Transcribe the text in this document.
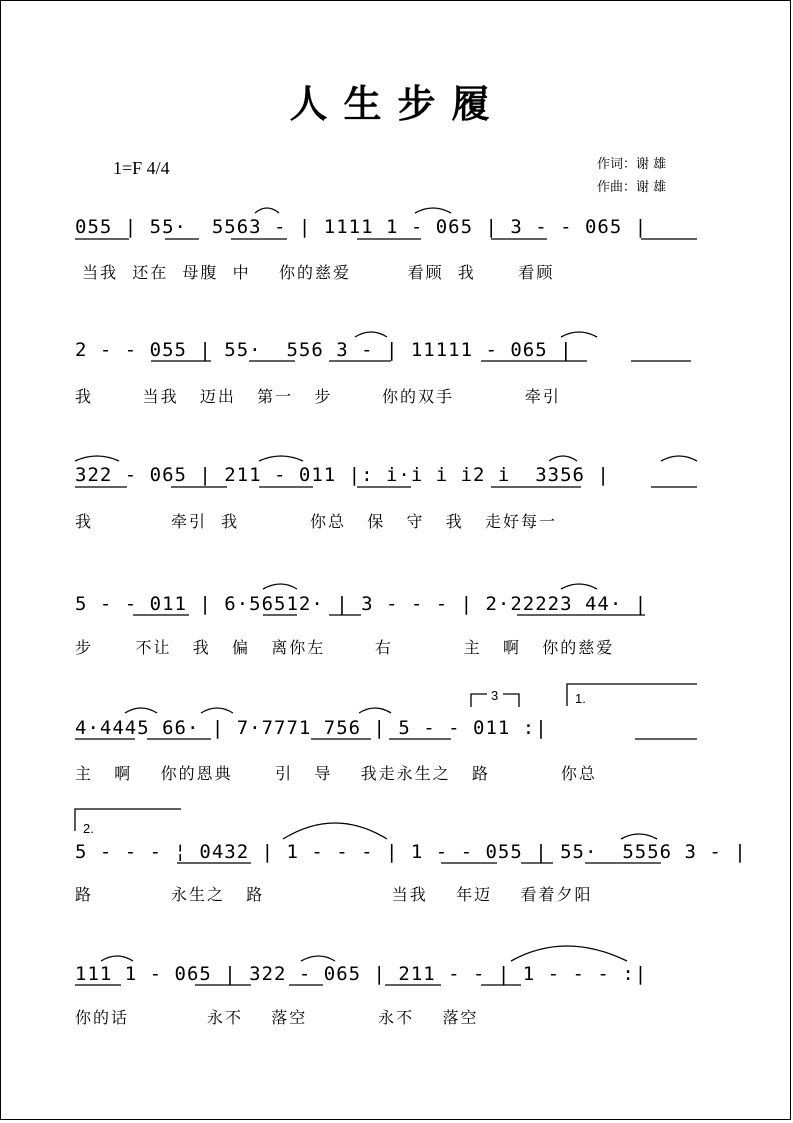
人生步履
1=F 4/4	作词：谢 雄
作曲：谢 雄
055 | 55·  5563 - | 1111 1 - 065 | 3 - - 065 |
当我  还在  母腹  中    你的慈爱        看顾  我      看顾
2 - - 055 | 55·  556 3 - | 11111 - 065 |
我       当我   迈出   第一   步       你的双手          牵引
322 - 065 | 211 - 011 |: i·i i i2 i  3356 |
我           牵引  我          你总   保   守   我   走好每一
5 - - 011 | 6·56512· | 3 - - - | 2·22223 44· |
步      不让   我   偏   离你左       右          主   啊   你的慈爱
4·4445 66· | 7·7771 756 | 5 - - 011 :|
主   啊    你的恩典      引   导    我走永生之   路          你总
5 - - - ¦ 0432 | 1 - - - | 1 - - 055 | 55·  5556 3 - |
路           永生之   路                  当我    年迈    看着夕阳
111 1 - 065 | 322 - 065 | 211 - - | 1 - - - :|
你的话           永不    落空          永不    落空
1.
2.
3
